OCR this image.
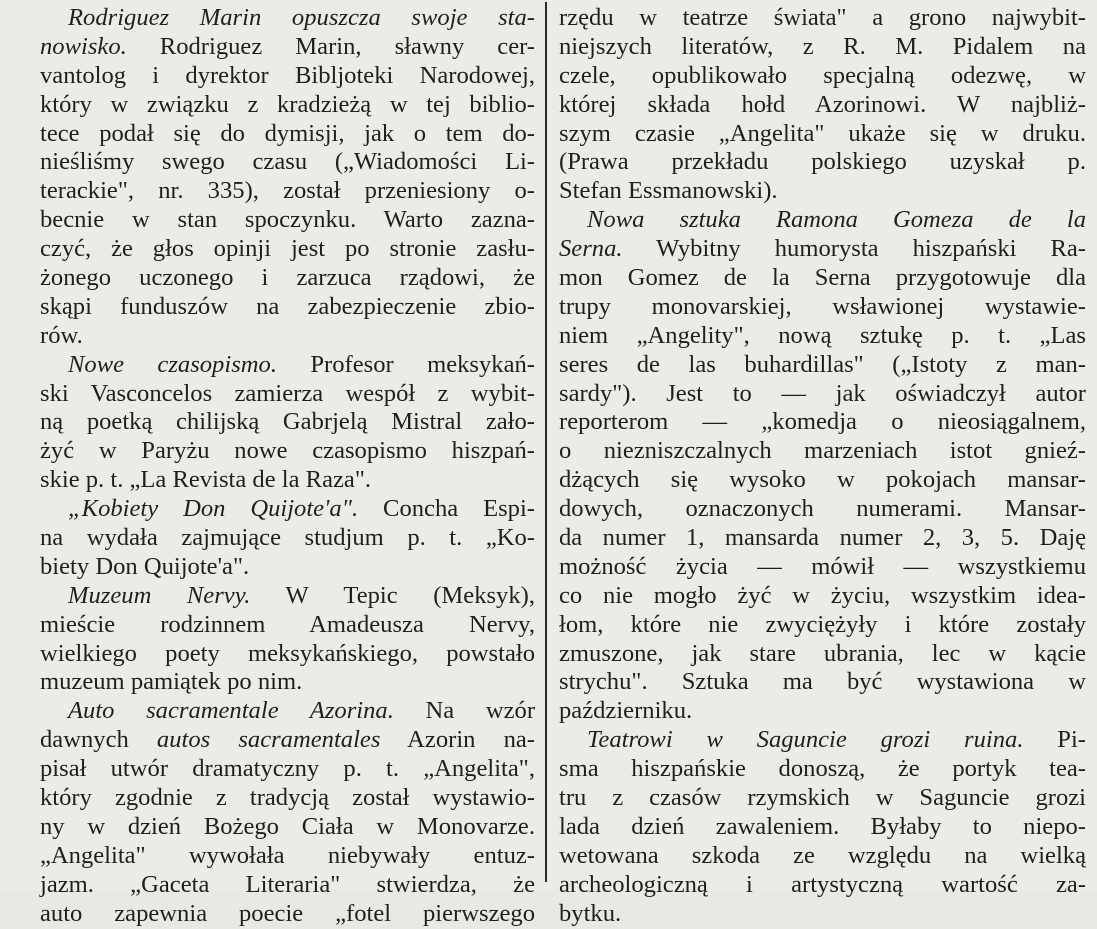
Rodriguez Marin opuszcza swoje sta-
nowisko. Rodriguez Marin, sławny cer-
vantolog i dyrektor Bibljoteki Narodowej,
który w związku z kradzieżą w tej biblio-
tece podał się do dymisji, jak o tem do-
nieśliśmy swego czasu („Wiadomości Li-
terackie", nr. 335), został przeniesiony o-
becnie w stan spoczynku. Warto zazna-
czyć, że głos opinji jest po stronie zasłu-
żonego uczonego i zarzuca rządowi, że
skąpi funduszów na zabezpieczenie zbio-
rów.
Nowe czasopismo. Profesor meksykań-
ski Vasconcelos zamierza wespół z wybit-
ną poetką chilijską Gabrjelą Mistral zało-
żyć w Paryżu nowe czasopismo hiszpań-
skie p. t. „La Revista de la Raza".
„Kobiety Don Quijote'a". Concha Espi-
na wydała zajmujące studjum p. t. „Ko-
biety Don Quijote'a".
Muzeum Nervy. W Tepic (Meksyk),
mieście rodzinnem Amadeusza Nervy,
wielkiego poety meksykańskiego, powstało
muzeum pamiątek po nim.
Auto sacramentale Azorina. Na wzór
dawnych autos sacramentales Azorin na-
pisał utwór dramatyczny p. t. „Angelita",
który zgodnie z tradycją został wystawio-
ny w dzień Bożego Ciała w Monovarze.
„Angelita" wywołała niebywały entuz-
jazm. „Gaceta Literaria" stwierdza, że
auto zapewnia poecie „fotel pierwszego
rzędu w teatrze świata" a grono najwybit-
niejszych literatów, z R. M. Pidalem na
czele, opublikowało specjalną odezwę, w
której składa hołd Azorinowi. W najbliż-
szym czasie „Angelita" ukaże się w druku.
(Prawa przekładu polskiego uzyskał p.
Stefan Essmanowski).
Nowa sztuka Ramona Gomeza de la
Serna. Wybitny humorysta hiszpański Ra-
mon Gomez de la Serna przygotowuje dla
trupy monovarskiej, wsławionej wystawie-
niem „Angelity", nową sztukę p. t. „Las
seres de las buhardillas" („Istoty z man-
sardy"). Jest to — jak oświadczył autor
reporterom — „komedja o nieosiągalnem,
o niezniszczalnych marzeniach istot gnieź-
dżących się wysoko w pokojach mansar-
dowych, oznaczonych numerami. Mansar-
da numer 1, mansarda numer 2, 3, 5. Daję
możność życia — mówił — wszystkiemu
co nie mogło żyć w życiu, wszystkim idea-
łom, które nie zwyciężyły i które zostały
zmuszone, jak stare ubrania, lec w kącie
strychu". Sztuka ma być wystawiona w
październiku.
Teatrowi w Saguncie grozi ruina. Pi-
sma hiszpańskie donoszą, że portyk tea-
tru z czasów rzymskich w Saguncie grozi
lada dzień zawaleniem. Byłaby to niepo-
wetowana szkoda ze względu na wielką
archeologiczną i artystyczną wartość za-
bytku.
